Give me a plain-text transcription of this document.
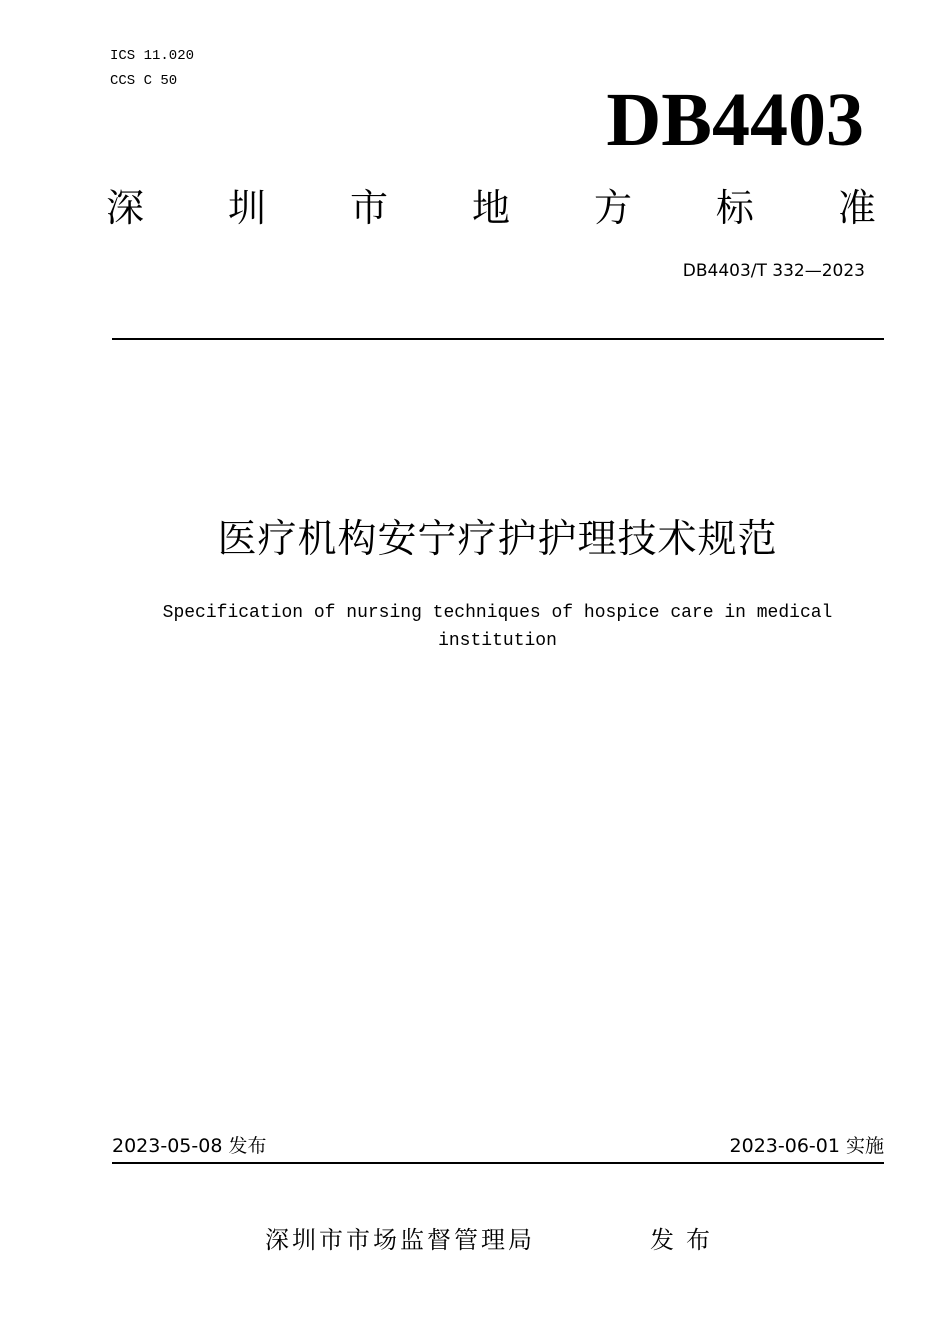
ICS 11.020
CCS C 50	DB4403
深 圳 市 地 方 标 准
DB4403/T 332—2023
医疗机构安宁疗护护理技术规范
Specification of nursing techniques of hospice care in medical
institution
2023-05-08 发布	2023-06-01 实施
深圳市市场监督管理局	发布
